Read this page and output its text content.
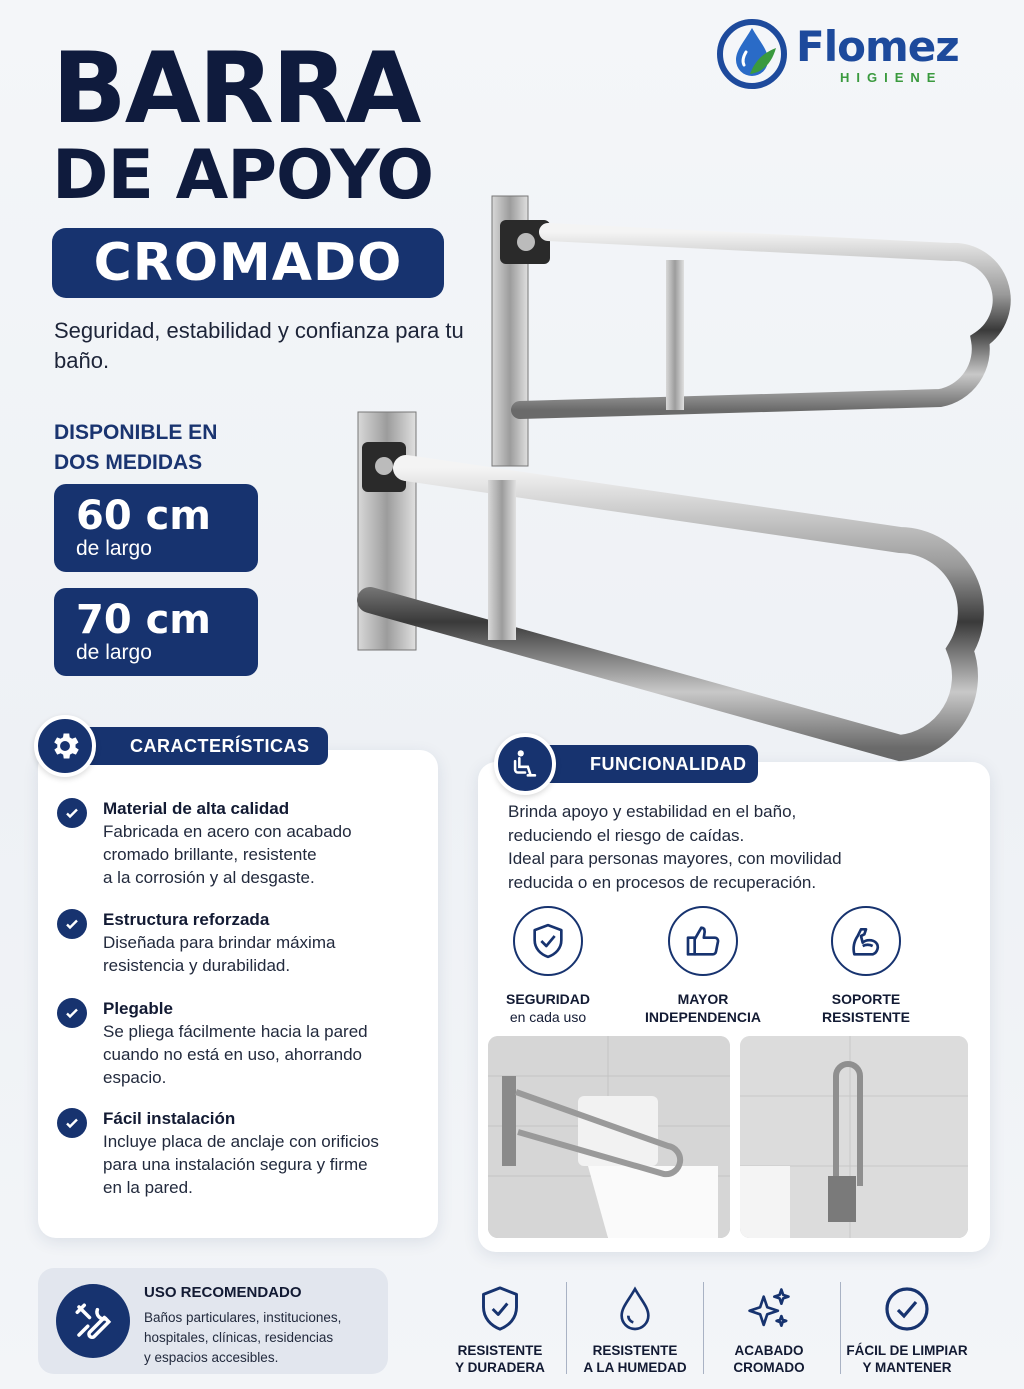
Flomez
HIGIENE
BARRA
DE APOYO
CROMADO
Seguridad, estabilidad y confianza para tu baño.
DISPONIBLE EN
DOS MEDIDAS
60 cm
de largo
70 cm
de largo
CARACTERÍSTICAS
Material de alta calidad
Fabricada en acero con acabado
cromado brillante, resistente
a la corrosión y al desgaste.
Estructura reforzada
Diseñada para brindar máxima
resistencia y durabilidad.
Plegable
Se pliega fácilmente hacia la pared
cuando no está en uso, ahorrando
espacio.
Fácil instalación
Incluye placa de anclaje con orificios
para una instalación segura y firme
en la pared.
FUNCIONALIDAD
Brinda apoyo y estabilidad en el baño,
reduciendo el riesgo de caídas.
Ideal para personas mayores, con movilidad
reducida o en procesos de recuperación.
SEGURIDAD
en cada uso
MAYOR
INDEPENDENCIA
SOPORTE
RESISTENTE
USO RECOMENDADO
Baños particulares, instituciones,
hospitales, clínicas, residencias
y espacios accesibles.	RESISTENTE
Y DURADERA
RESISTENTE
A LA HUMEDAD
ACABADO
CROMADO
FÁCIL DE LIMPIAR
Y MANTENER
